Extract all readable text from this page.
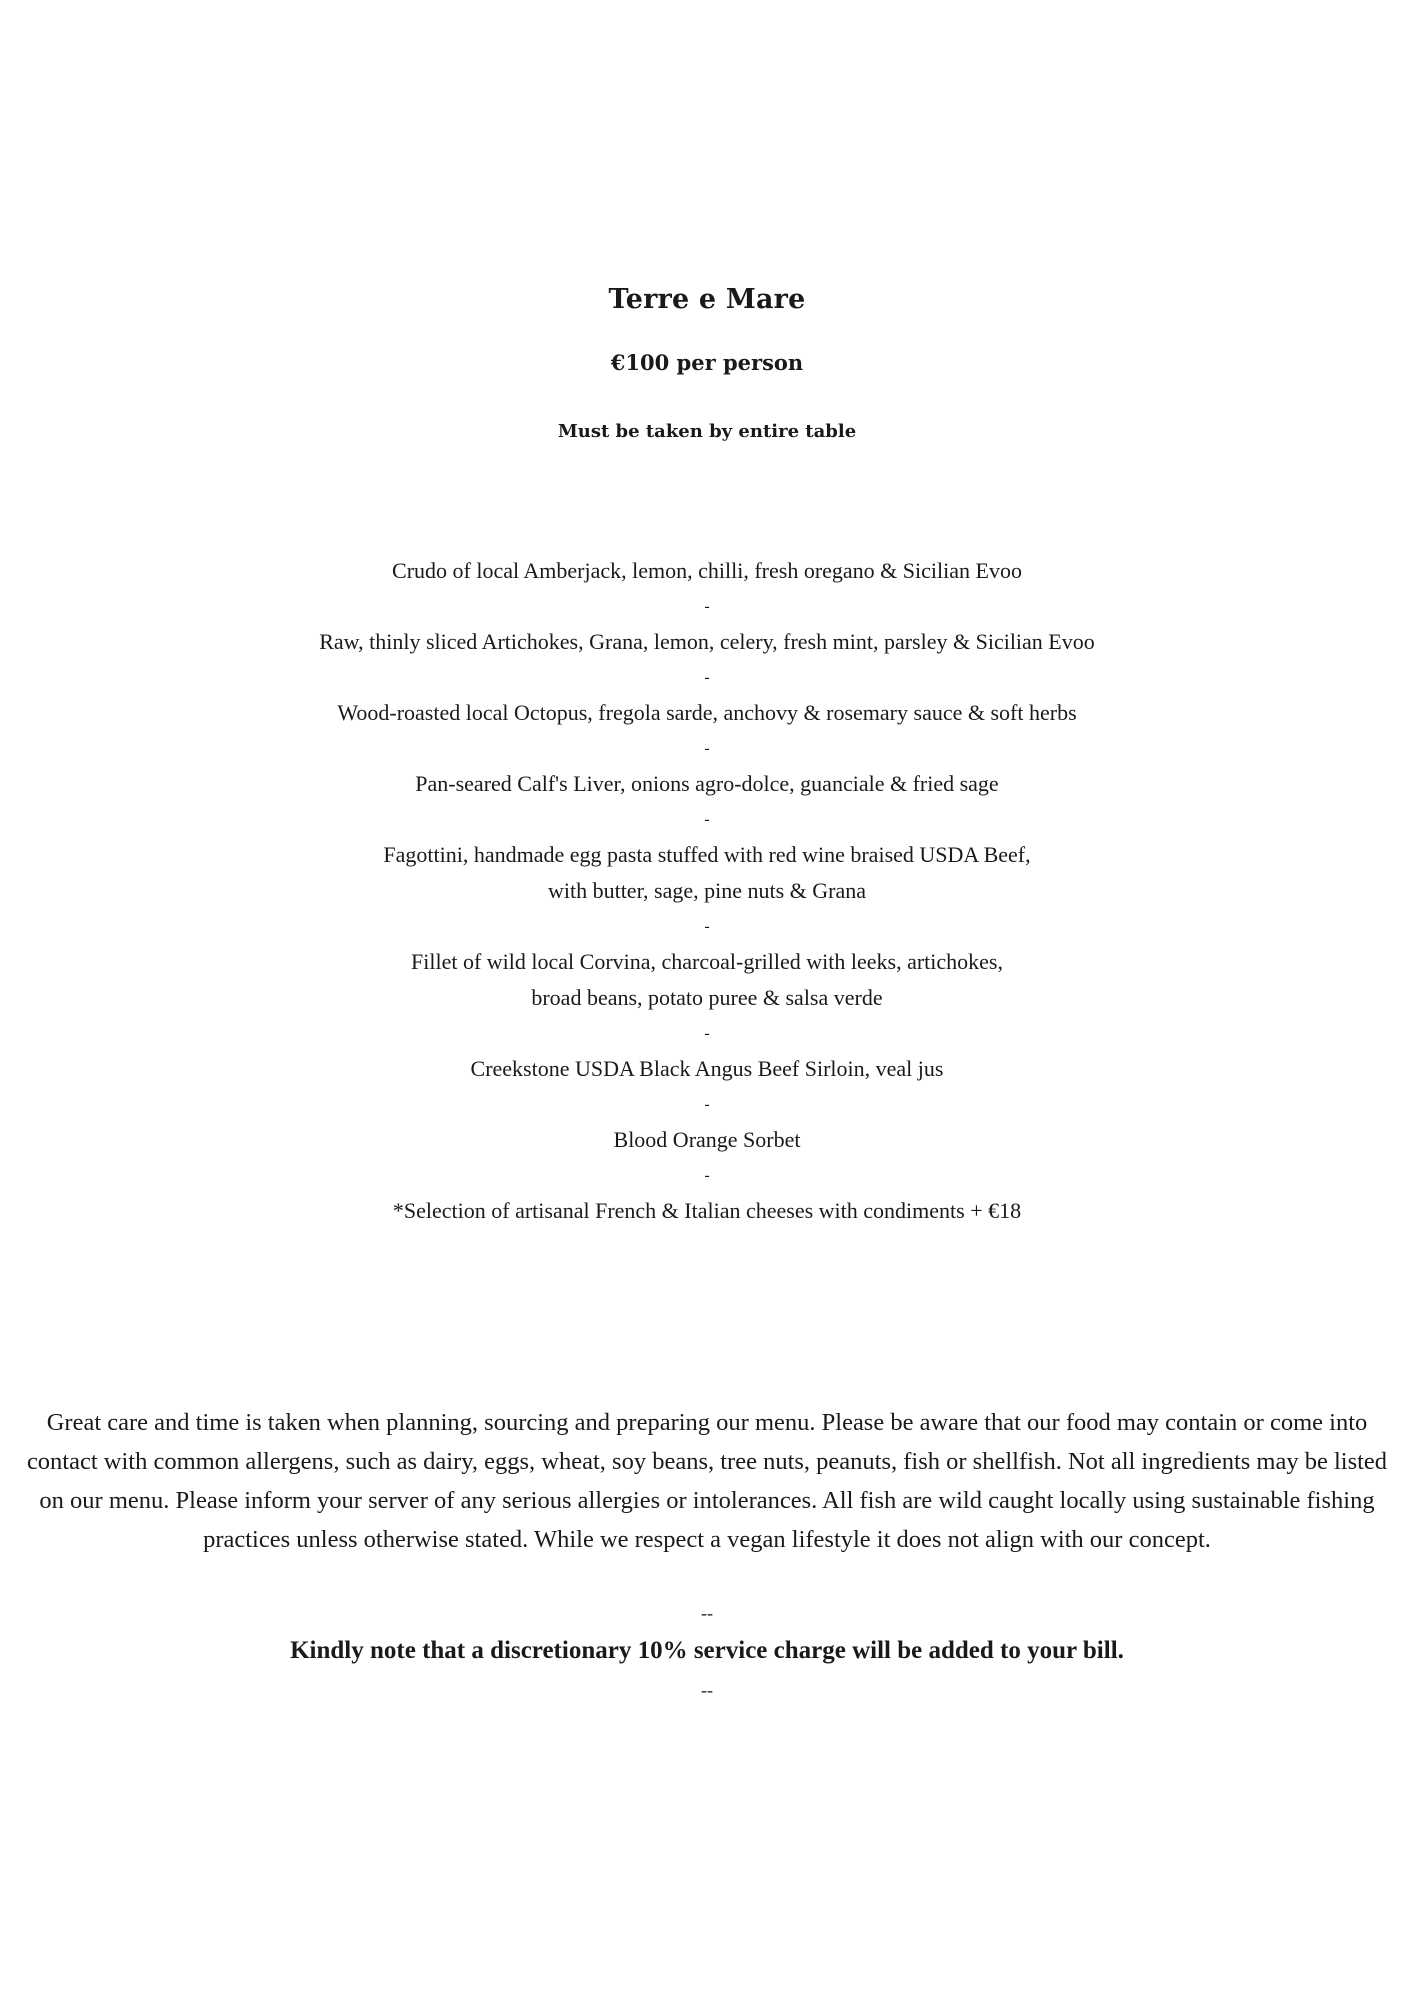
Terre e Mare
€100 per person
Must be taken by entire table
Crudo of local Amberjack, lemon, chilli, fresh oregano & Sicilian Evoo
-
Raw, thinly sliced Artichokes, Grana, lemon, celery, fresh mint, parsley & Sicilian Evoo
-
Wood-roasted local Octopus, fregola sarde, anchovy & rosemary sauce & soft herbs
-
Pan-seared Calf's Liver, onions agro-dolce, guanciale & fried sage
-
Fagottini, handmade egg pasta stuffed with red wine braised USDA Beef,
with butter, sage, pine nuts & Grana
-
Fillet of wild local Corvina, charcoal-grilled with leeks, artichokes,
broad beans, potato puree & salsa verde
-
Creekstone USDA Black Angus Beef Sirloin, veal jus
-
Blood Orange Sorbet
-
*Selection of artisanal French & Italian cheeses with condiments + €18
Great care and time is taken when planning, sourcing and preparing our menu. Please be aware that our food may contain or come into contact with common allergens, such as dairy, eggs, wheat, soy beans, tree nuts, peanuts, fish or shellfish. Not all ingredients may be listed on our menu. Please inform your server of any serious allergies or intolerances. All fish are wild caught locally using sustainable fishing practices unless otherwise stated. While we respect a vegan lifestyle it does not align with our concept.
--
Kindly note that a discretionary 10% service charge will be added to your bill.
--
